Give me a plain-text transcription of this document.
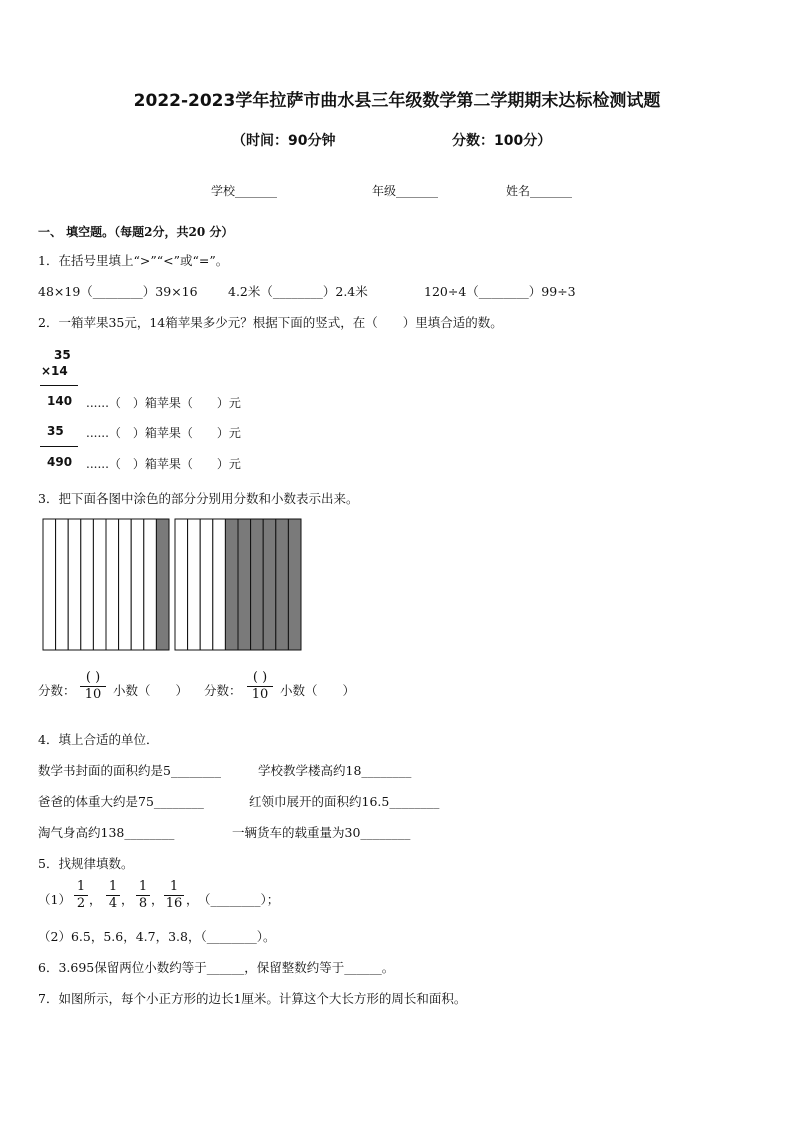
2022-2023学年拉萨市曲水县三年级数学第二学期期末达标检测试题
（时间：90分钟	分数：100分）
学校_______	年级_______	姓名_______
一、 填空题。（每题2分，共20 分）
1．在括号里填上“>”“<”或“=”。
48×19（________）39×16 4.2米（________）2.4米	120÷4（________）99÷3
2．一箱苹果35元，14箱苹果多少元？根据下面的竖式，在（　　）里填合适的数。
35
×14
140 ......（　）箱苹果（　　）元
35 ......（　）箱苹果（　　）元
490 ......（　）箱苹果（　　）元
3．把下面各图中涂色的部分分别用分数和小数表示出来。
分数：
( )
10 小数（　　） 分数：
( )
10 小数（　　）
4．填上合适的单位．
数学书封面的面积约是5________	学校教学楼高约18________
爸爸的体重大约是75________	红领巾展开的面积约16.5________
淘气身高约138________	一辆货车的载重量为30________
5．找规律填数。
$(1) \frac{1}{2}$ ， $\frac{1}{4}$ ， $\frac{1}{8}$ ， $\frac{1}{16}$ ， （________）；
（2）6.5，5.6，4.7，3.8，（________）。
6．3.695保留两位小数约等于______，保留整数约等于______。
7．如图所示，每个小正方形的边长1厘米。计算这个大长方形的周长和面积。
